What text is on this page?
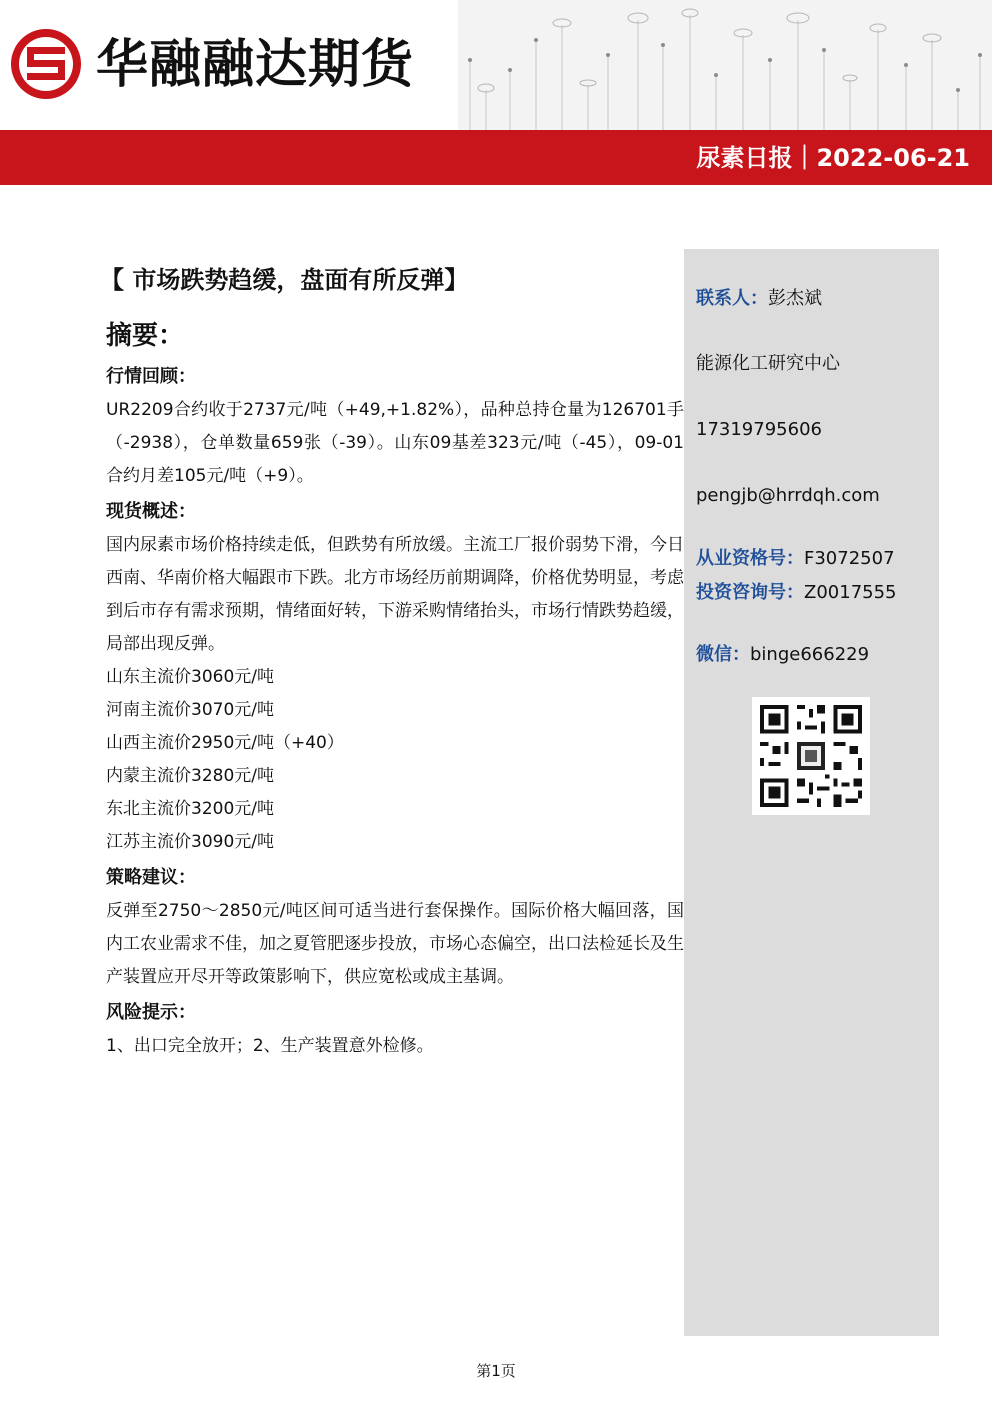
华融融达期货
尿素日报｜2022-06-21
【 市场跌势趋缓，盘面有所反弹】
摘要：
行情回顾：

UR2209合约收于2737元/吨（+49,+1.82%），品种总持仓量为126701手（-2938），仓单数量659张（-39）。山东09基差323元/吨（-45），09-01合约月差105元/吨（+9）。

现货概述：

国内尿素市场价格持续走低，但跌势有所放缓。主流工厂报价弱势下滑，今日西南、华南价格大幅跟市下跌。北方市场经历前期调降，价格优势明显，考虑到后市存有需求预期，情绪面好转，下游采购情绪抬头，市场行情跌势趋缓，局部出现反弹。

山东主流价3060元/吨

河南主流价3070元/吨

山西主流价2950元/吨（+40）

内蒙主流价3280元/吨

东北主流价3200元/吨

江苏主流价3090元/吨

策略建议：

反弹至2750～2850元/吨区间可适当进行套保操作。国际价格大幅回落，国内工农业需求不佳，加之夏管肥逐步投放，市场心态偏空，出口法检延长及生产装置应开尽开等政策影响下，供应宽松或成主基调。

风险提示：

1、出口完全放开；2、生产装置意外检修。

联系人：彭杰斌
能源化工研究中心
17319795606
pengjb@hrrdqh.com
从业资格号：F3072507
投资咨询号：Z0017555
微信：binge666229
第1页
